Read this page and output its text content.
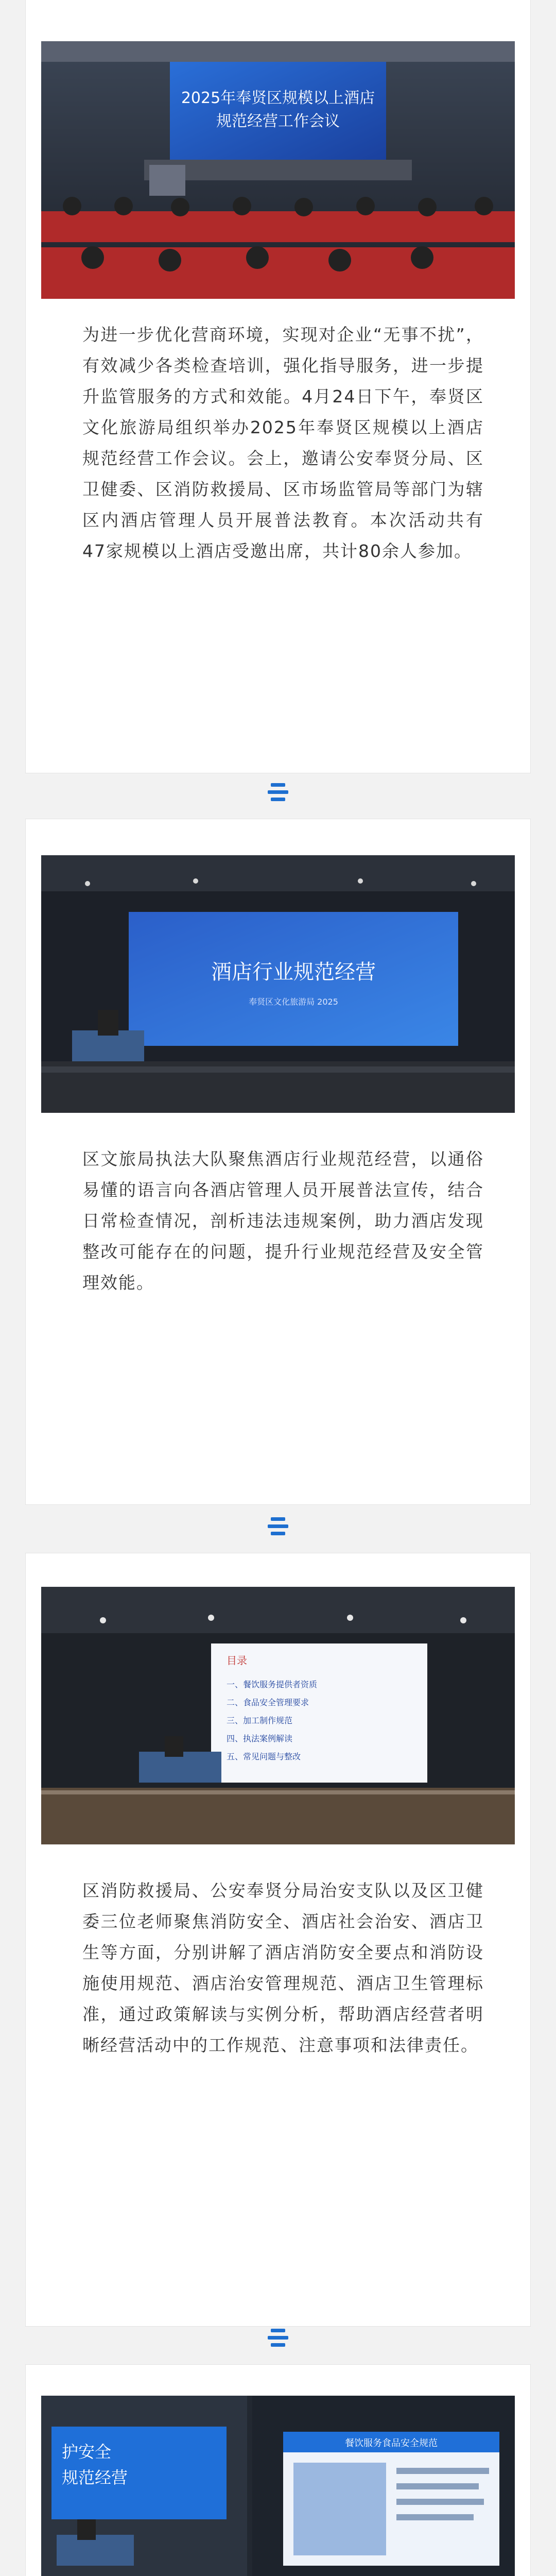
2025年奉贤区规模以上酒店
规范经营工作会议

为进一步优化营商环境，实现对企业“无事不扰”，有效减少各类检查培训，强化指导服务，进一步提升监管服务的方式和效能。4月24日下午，奉贤区文化旅游局组织举办2025年奉贤区规模以上酒店规范经营工作会议。会上，邀请公安奉贤分局、区卫健委、区消防救援局、区市场监管局等部门为辖区内酒店管理人员开展普法教育。本次活动共有47家规模以上酒店受邀出席，共计80余人参加。

酒店行业规范经营
奉贤区文化旅游局 2025

区文旅局执法大队聚焦酒店行业规范经营，以通俗易懂的语言向各酒店管理人员开展普法宣传，结合日常检查情况，剖析违法违规案例，助力酒店发现整改可能存在的问题，提升行业规范经营及安全管理效能。

目录
一、餐饮服务提供者资质
二、食品安全管理要求
三、加工制作规范
四、执法案例解读
五、常见问题与整改

区消防救援局、公安奉贤分局治安支队以及区卫健委三位老师聚焦消防安全、酒店社会治安、酒店卫生等方面，分别讲解了酒店消防安全要点和消防设施使用规范、酒店治安管理规范、酒店卫生管理标准，通过政策解读与实例分析，帮助酒店经营者明晰经营活动中的工作规范、注意事项和法律责任。

护安全
规范经营
餐饮服务食品安全规范
